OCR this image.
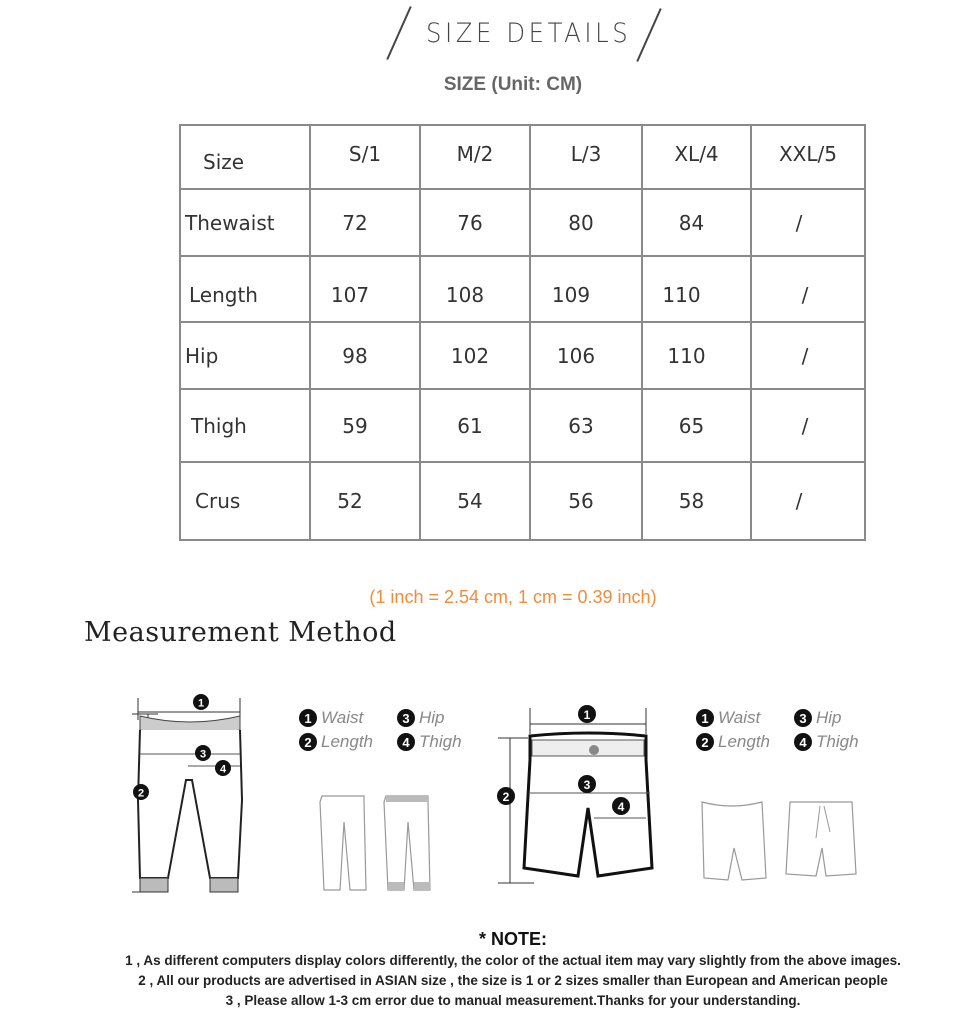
SIZE DETAILS
SIZE (Unit: CM)
Size	S/1	M/2	L/3	XL/4	XXL/5
Thewaist	72	76	80	84	/
Length	107	108	109	110	/
Hip	98	102	106	110	/
Thigh	59	61	63	65	/
Crus	52	54	56	58	/
(1 inch = 2.54 cm, 1 cm = 0.39 inch)
Measurement Method
1
2
3
4
1 Waist	3 Hip
2 Length	4 Thigh
1
2
3
4
1 Waist	3 Hip
2 Length	4 Thigh
* NOTE:
1 , As different computers display colors differently, the color of the actual item may vary slightly from the above images.
2 , All our products are advertised in ASIAN size , the size is 1 or 2 sizes smaller than European and American people
3 , Please allow 1-3 cm error due to manual measurement.Thanks for your understanding.
